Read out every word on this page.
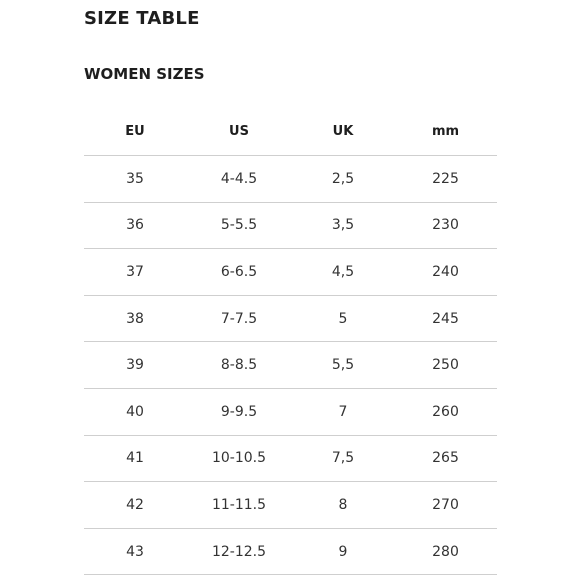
SIZE TABLE
WOMEN SIZES
EU	US	UK	mm
35	4-4.5	2,5	225
36	5-5.5	3,5	230
37	6-6.5	4,5	240
38	7-7.5	5	245
39	8-8.5	5,5	250
40	9-9.5	7	260
41	10-10.5	7,5	265
42	11-11.5	8	270
43	12-12.5	9	280
